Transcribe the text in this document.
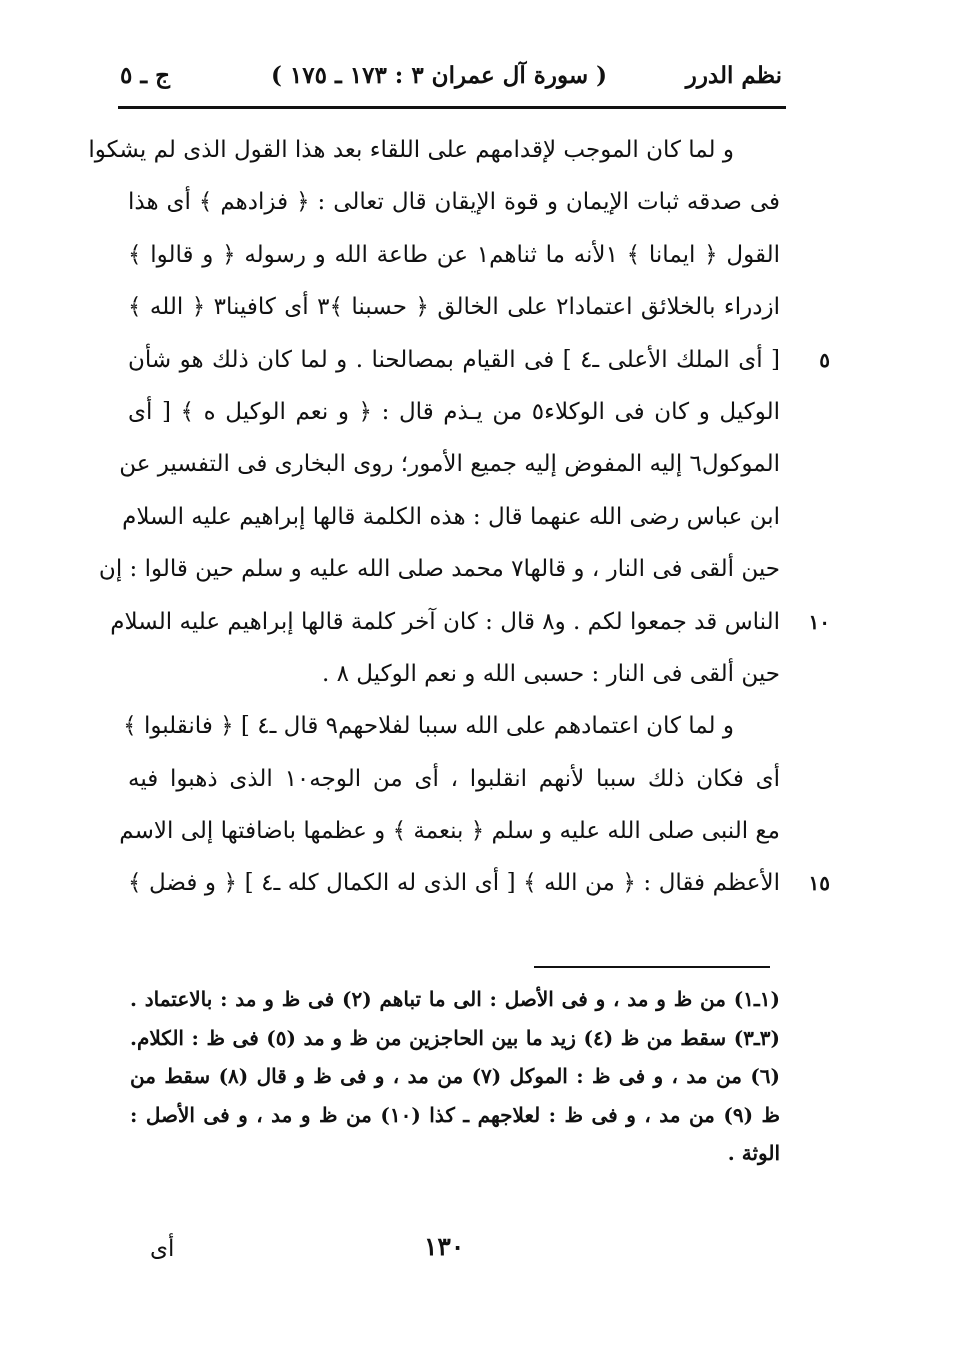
نظم الدرر
( سورة آل عمران ٣ : ١٧٣ ـ ١٧٥ )
ج ـ ٥
و لما كان الموجب لإقدامهم على اللقاء بعد هذا القول الذى لم يشكوا
فى صدقه ثبات الإيمان و قوة الإيقان قال تعالى : ﴿ فزادهم ﴾ أى هذا
القول ﴿ ايمانا ﴾ ١لأنه ما ثناهم١ عن طاعة الله و رسوله ﴿ و قالوا ﴾
ازدراء بالخلائق اعتمادا٢ على الخالق ﴿ حسبنا ﴾٣ أى كافينا٣ ﴿ الله ﴾
٥
[ أى الملك الأعلى ـ٤ ] فى القيام بمصالحنا . و لما كان ذلك هو شأن
الوكيل و كان فى الوكلاء٥ من يـذم قال : ﴿ و نعم الوكيل ه ﴾ [ أى
الموكول٦ إليه المفوض إليه جميع الأمور؛ روى البخارى فى التفسير عن
ابن عباس رضى الله عنهما قال : هذه الكلمة قالها إبراهيم عليه السلام
حين ألقى فى النار ، و قالها٧ محمد صلى الله عليه و سلم حين قالوا : إن
١٠
الناس قد جمعوا لكم . و٨ قال : كان آخر كلمة قالها إبراهيم عليه السلام
حين ألقى فى النار : حسبى الله و نعم الوكيل ٨ .
و لما كان اعتمادهم على الله سببا لفلاحهم٩ قال ـ٤ ] ﴿ فانقلبوا ﴾
أى فكان ذلك سببا لأنهم انقلبوا ، أى من الوجه١٠ الذى ذهبوا فيه
مع النبى صلى الله عليه و سلم ﴿ بنعمة ﴾ و عظمها باضافتها إلى الاسم
١٥
الأعظم فقال : ﴿ من الله ﴾ [ أى الذى له الكمال كله ـ٤ ] ﴿ و فضل ﴾
(١ـ١) من ظ و مد ، و فى الأصل : الى ما تباهم (٢) فى ظ و مد : بالاعتماد .
(٣ـ٣) سقط من ظ (٤) زيد ما بين الحاجزين من ظ و مد (٥) فى ظ : الكلام.
(٦) من مد ، و فى ظ : الموكل (٧) من مد ، و فى ظ و قال (٨) سقط من
ظ (٩) من مد ، و فى ظ : لعلاجهم ـ كذا (١٠) من ظ و مد ، و فى الأصل :
الوثة .
أى	١٣٠
